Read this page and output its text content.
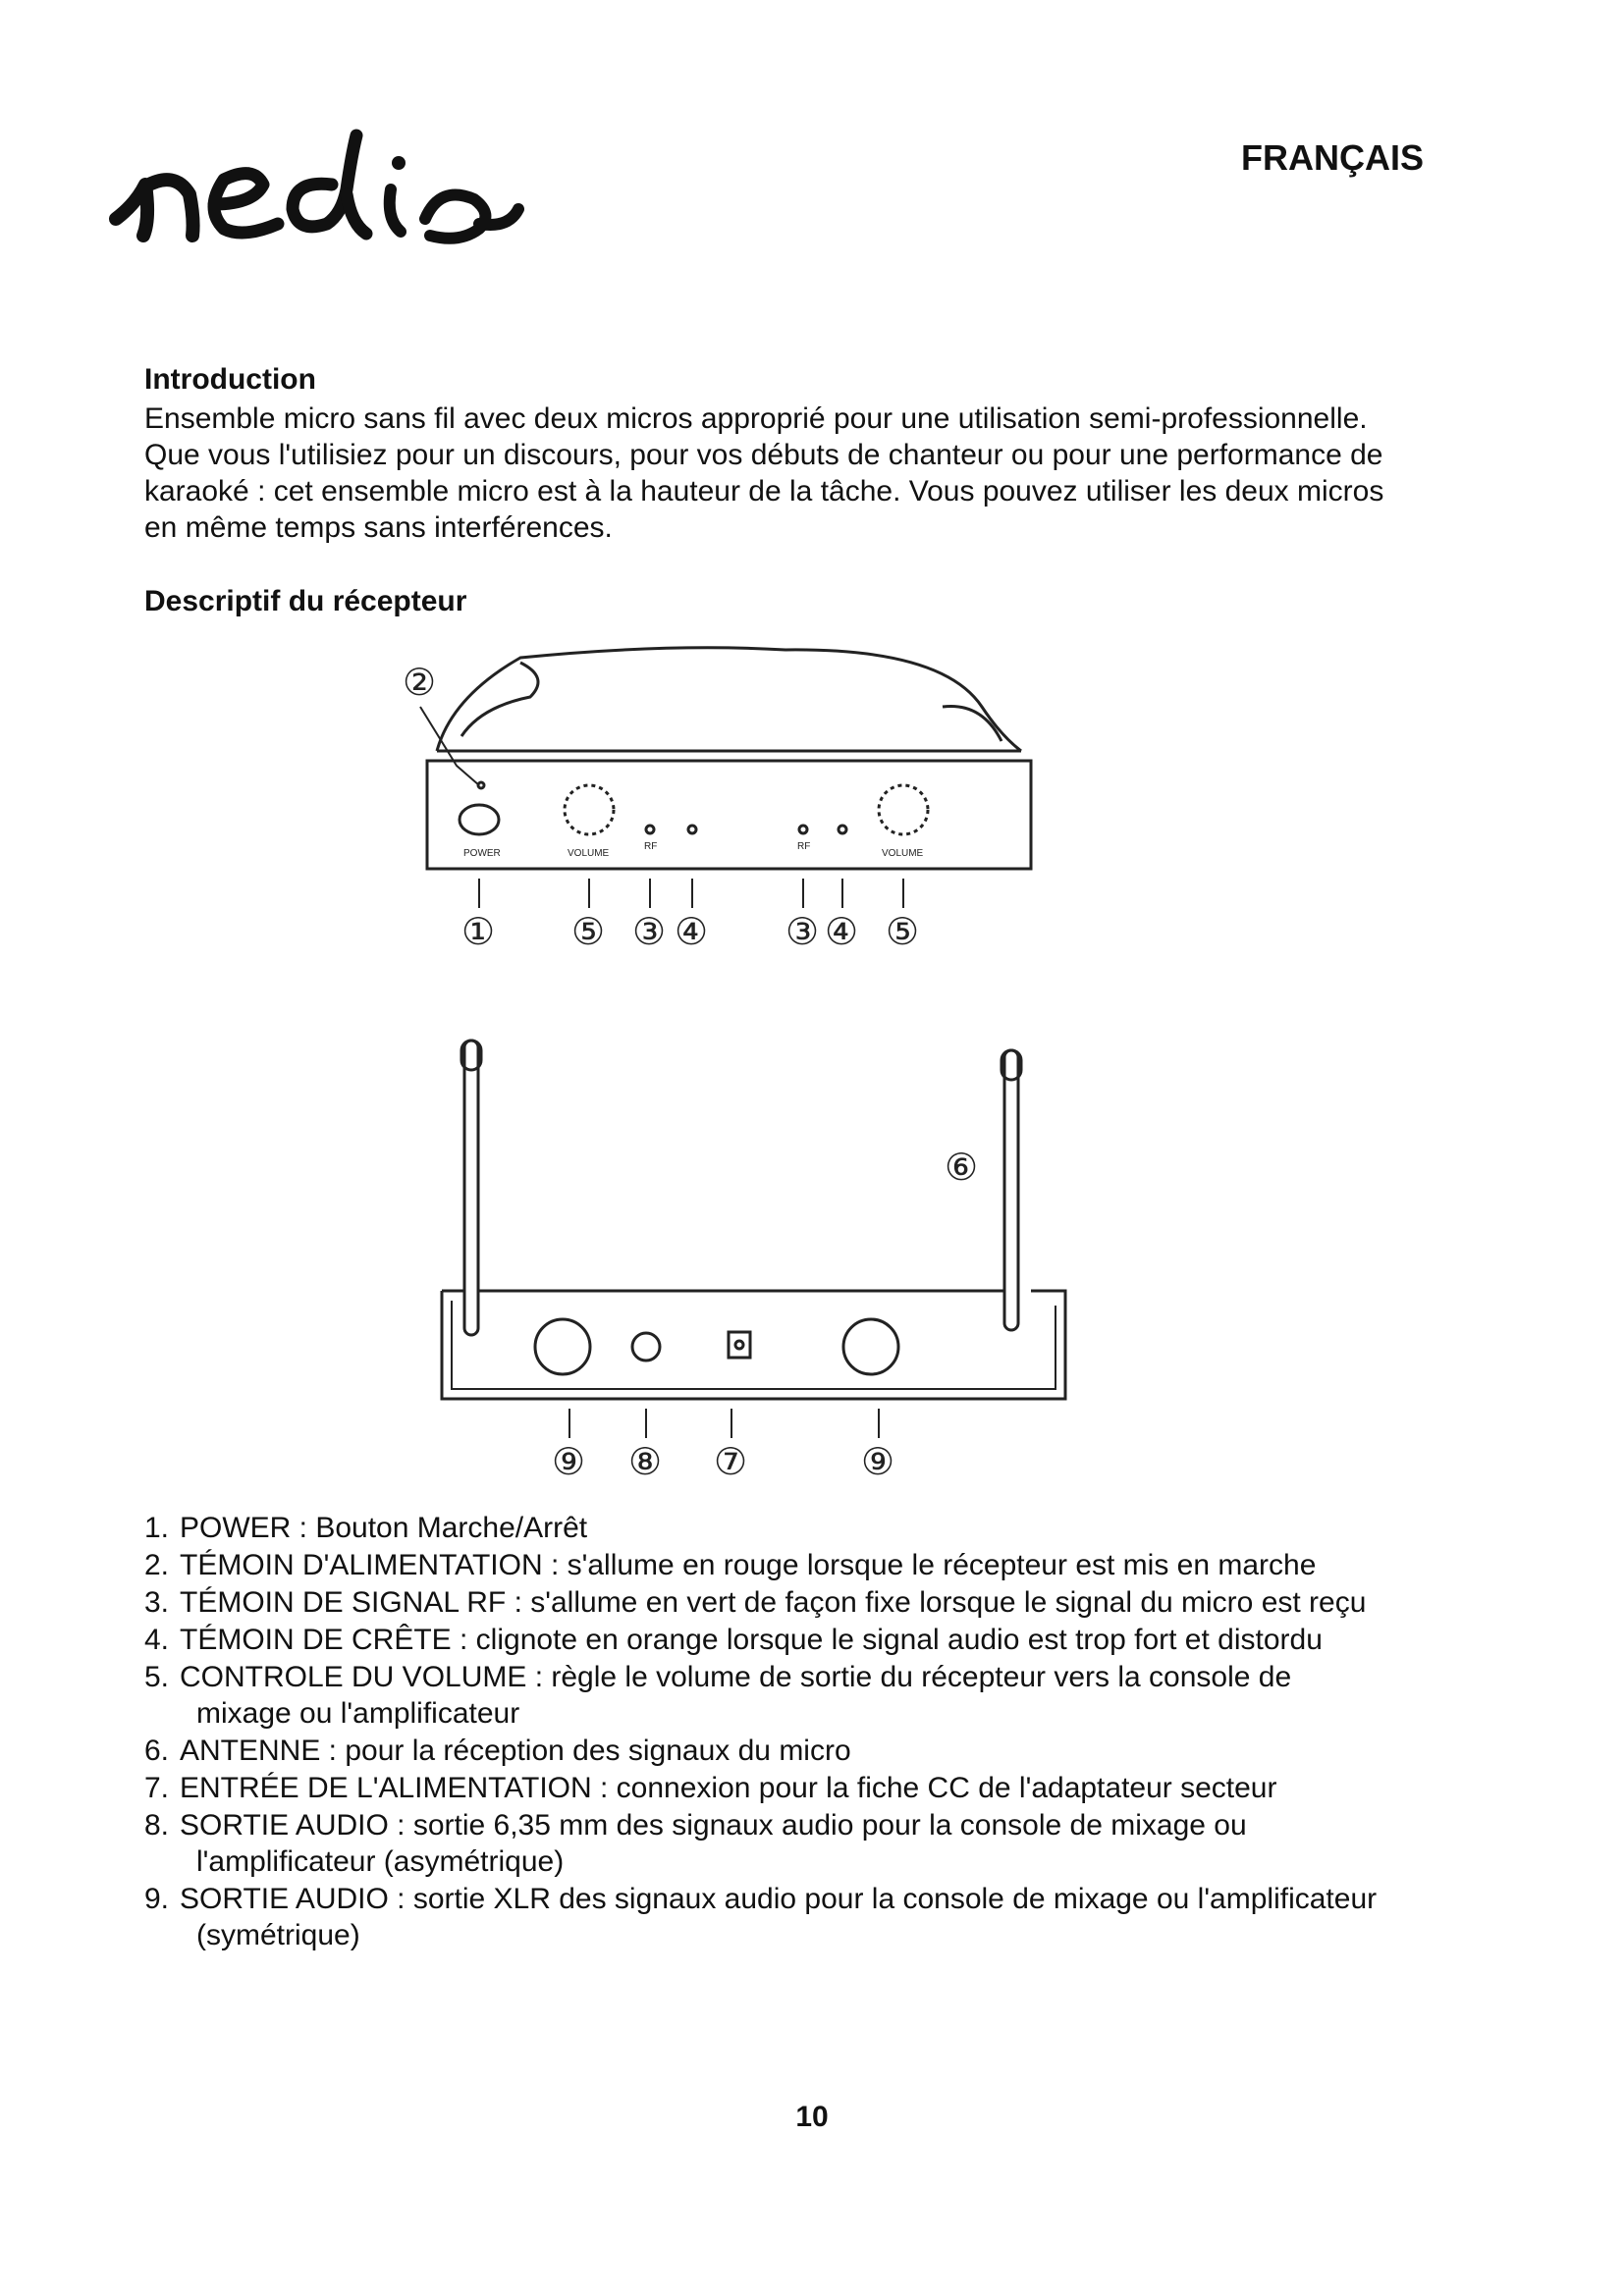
FRANÇAIS
Introduction
Ensemble micro sans fil avec deux micros approprié pour une utilisation semi-professionnelle. Que vous l'utilisiez pour un discours, pour vos débuts de chanteur ou pour une performance de karaoké : cet ensemble micro est à la hauteur de la tâche. Vous pouvez utiliser les deux micros en même temps sans interférences.
Descriptif du récepteur
POWER	VOLUME
RF	RF
VOLUME
②
① ⑤ ③ ④ ③ ④ ⑤
⑥
⑨ ⑧ ⑦	⑨
1. POWER : Bouton Marche/Arrêt
2. TÉMOIN D'ALIMENTATION : s'allume en rouge lorsque le récepteur est mis en marche
3. TÉMOIN DE SIGNAL RF : s'allume en vert de façon fixe lorsque le signal du micro est reçu
4. TÉMOIN DE CRÊTE : clignote en orange lorsque le signal audio est trop fort et distordu
5. CONTROLE DU VOLUME : règle le volume de sortie du récepteur vers la console de
mixage ou l'amplificateur
6. ANTENNE : pour la réception des signaux du micro
7. ENTRÉE DE L'ALIMENTATION : connexion pour la fiche CC de l'adaptateur secteur
8. SORTIE AUDIO : sortie 6,35 mm des signaux audio pour la console de mixage ou
l'amplificateur (asymétrique)
9. SORTIE AUDIO : sortie XLR des signaux audio pour la console de mixage ou l'amplificateur
(symétrique)
10
